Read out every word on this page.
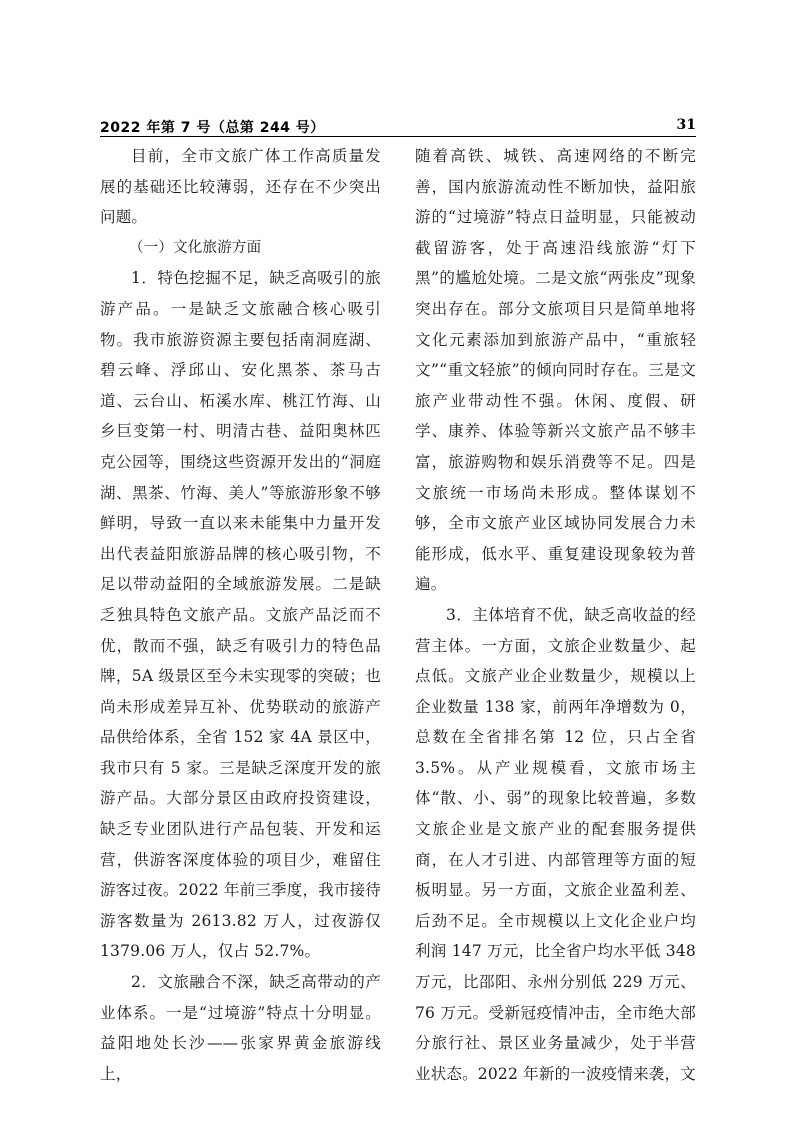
2022 年第 7 号（总第 244 号）	31

目前，全市文旅广体工作高质量发展的基础还比较薄弱，还存在不少突出问题。

（一）文化旅游方面

1．特色挖掘不足，缺乏高吸引的旅游产品。一是缺乏文旅融合核心吸引物。我市旅游资源主要包括南洞庭湖、碧云峰、浮邱山、安化黑茶、茶马古道、云台山、柘溪水库、桃江竹海、山乡巨变第一村、明清古巷、益阳奥林匹克公园等，围绕这些资源开发出的“洞庭湖、黑茶、竹海、美人”等旅游形象不够鲜明，导致一直以来未能集中力量开发出代表益阳旅游品牌的核心吸引物，不足以带动益阳的全域旅游发展。二是缺乏独具特色文旅产品。文旅产品泛而不优，散而不强，缺乏有吸引力的特色品牌，5A 级景区至今未实现零的突破；也尚未形成差异互补、优势联动的旅游产品供给体系，全省 152 家 4A 景区中，我市只有 5 家。三是缺乏深度开发的旅游产品。大部分景区由政府投资建设，缺乏专业团队进行产品包装、开发和运营，供游客深度体验的项目少，难留住游客过夜。2022 年前三季度，我市接待游客数量为 2613.82 万人，过夜游仅1379.06 万人，仅占 52.7%。

2．文旅融合不深，缺乏高带动的产业体系。一是“过境游”特点十分明显。益阳地处长沙——张家界黄金旅游线上，

随着高铁、城铁、高速网络的不断完善，国内旅游流动性不断加快，益阳旅游的“过境游”特点日益明显，只能被动截留游客，处于高速沿线旅游“灯下黑”的尴尬处境。二是文旅“两张皮”现象突出存在。部分文旅项目只是简单地将文化元素添加到旅游产品中，“重旅轻文”“重文轻旅”的倾向同时存在。三是文旅产业带动性不强。休闲、度假、研学、康养、体验等新兴文旅产品不够丰富，旅游购物和娱乐消费等不足。四是文旅统一市场尚未形成。整体谋划不够，全市文旅产业区域协同发展合力未能形成，低水平、重复建设现象较为普遍。

3．主体培育不优，缺乏高收益的经营主体。一方面，文旅企业数量少、起点低。文旅产业企业数量少，规模以上企业数量 138 家，前两年净增数为 0，总数在全省排名第 12 位，只占全省 3.5%。从产业规模看，文旅市场主体“散、小、弱”的现象比较普遍，多数文旅企业是文旅产业的配套服务提供商，在人才引进、内部管理等方面的短板明显。另一方面，文旅企业盈利差、后劲不足。全市规模以上文化企业户均利润 147 万元，比全省户均水平低 348 万元，比邵阳、永州分别低 229 万元、76 万元。受新冠疫情冲击，全市绝大部分旅行社、景区业务量减少，处于半营业状态。2022 年新的一波疫情来袭，文
